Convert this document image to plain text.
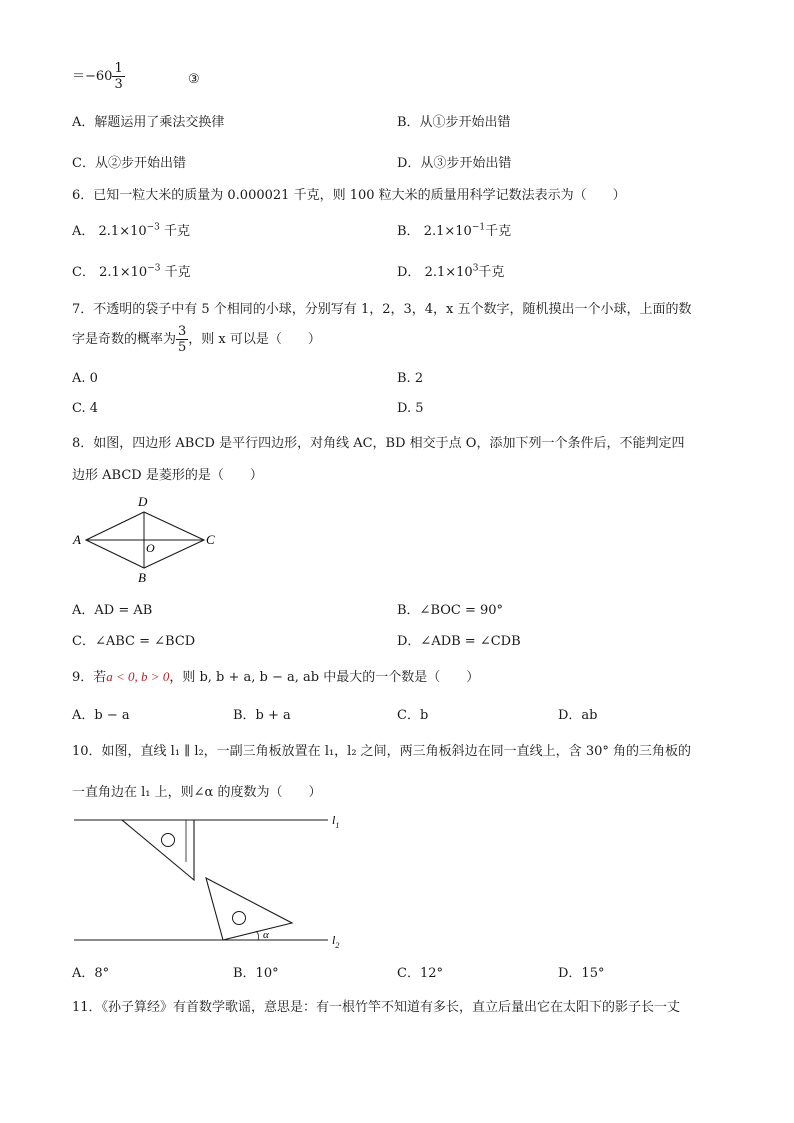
$=-60 \frac{1}{3}$	③
A．解题运用了乘法交换律	B．从①步开始出错
C．从②步开始出错	D．从③步开始出错
6．已知一粒大米的质量为 0.000021 千克，则 100 粒大米的质量用科学记数法表示为（　　）
A． $2.1\times 10^{-3}$ 千克	B． $2.1\times 10^{-1}$千克
C． $2.1\times 10^{-3}$ 千克	D． $2.1\times 10^3$千克
7．不透明的袋子中有 5 个相同的小球，分别写有 1，2，3，4，x 五个数字，随机摸出一个小球，上面的数
字是奇数的概率为 $\frac{3}{5}$ ，则 x 可以是（　　）
A. 0	B. 2
C. 4	D. 5
8．如图，四边形 ABCD 是平行四边形，对角线 AC，BD 相交于点 O，添加下列一个条件后，不能判定四
边形 ABCD 是菱形的是（　　）
A
D
C
B
O
A．AD = AB	B．∠BOC = 90°
C．∠ABC = ∠BCD	D．∠ADB = ∠CDB
9．若a < 0, b > 0，则 b, b + a, b − a, ab 中最大的一个数是（　　）
A．b − a	B．b + a	C．b	D．ab
10．如图，直线 l₁ ∥ l₂，一副三角板放置在 l₁，l₂ 之间，两三角板斜边在同一直线上，含 30° 角的三角板的
一直角边在 l₁ 上，则∠α 的度数为（　　）
α
$l_1$
$l_2$
A．8°	B．10°	C．12°	D．15°
11．《孙子算经》有首数学歌谣，意思是：有一根竹竿不知道有多长，直立后量出它在太阳下的影子长一丈
